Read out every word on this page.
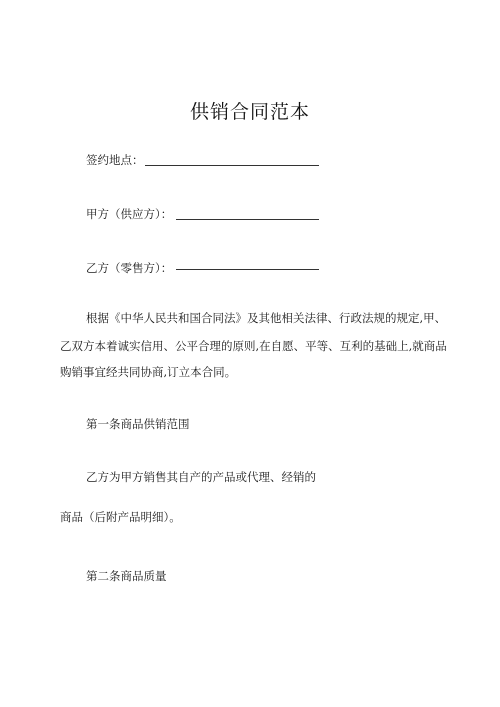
供销合同范本
签约地点：
甲方（供应方）：
乙方（零售方）：
根据《中华人民共和国合同法》及其他相关法律、行政法规的规定,甲、
乙双方本着诚实信用、公平合理的原则,在自愿、平等、互利的基础上,就商品
购销事宜经共同协商,订立本合同。
第一条商品供销范围
乙方为甲方销售其自产的产品或代理、经销的
商品（后附产品明细）。
第二条商品质量
